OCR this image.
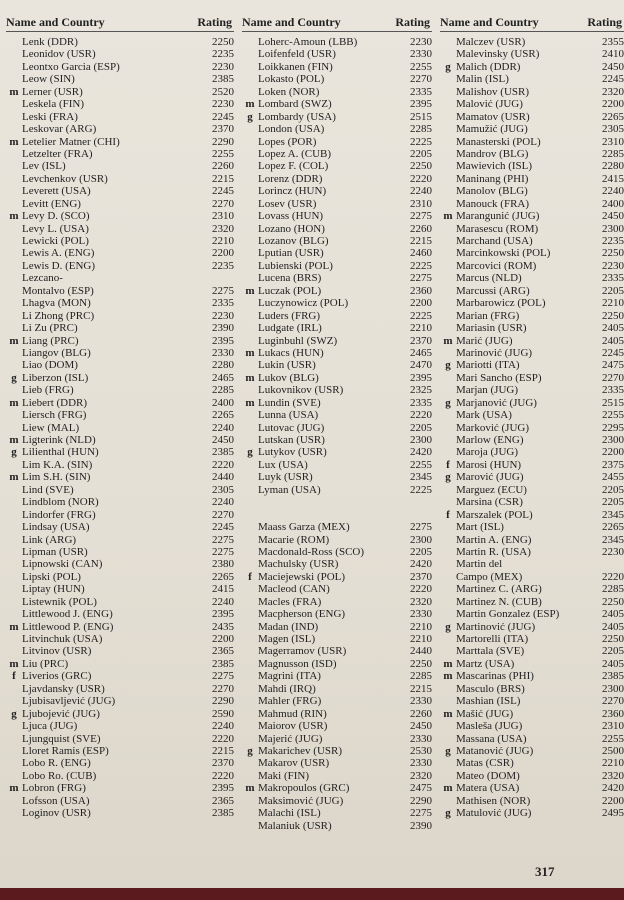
Name and Country	Rating
Lenk (DDR)	2250
Leonidov (USR)	2235
Leontxo Garcia (ESP)	2230
Leow (SIN)	2385
m Lerner (USR)	2520
Leskela (FIN)	2230
Leski (FRA)	2245
Leskovar (ARG)	2370
m Letelier Matner (CHI)	2290
Letzelter (FRA)	2255
Lev (ISL)	2260
Levchenkov (USR)	2215
Leverett (USA)	2245
Levitt (ENG)	2270
m Levy D. (SCO)	2310
Levy L. (USA)	2320
Lewicki (POL)	2210
Lewis A. (ENG)	2200
Lewis D. (ENG)	2235
Lezcano-
Montalvo (ESP)	2275
Lhagva (MON)	2335
Li Zhong (PRC)	2230
Li Zu (PRC)	2390
m Liang (PRC)	2395
Liangov (BLG)	2330
Liao (DOM)	2280
g Liberzon (ISL)	2465
Lieb (FRG)	2285
m Liebert (DDR)	2400
Liersch (FRG)	2265
Liew (MAL)	2240
m Ligterink (NLD)	2450
g Lilienthal (HUN)	2385
Lim K.A. (SIN)	2220
m Lim S.H. (SIN)	2440
Lind (SVE)	2305
Lindblom (NOR)	2240
Lindorfer (FRG)	2270
Lindsay (USA)	2245
Link (ARG)	2275
Lipman (USR)	2275
Lipnowski (CAN)	2380
Lipski (POL)	2265
Liptay (HUN)	2415
Listewnik (POL)	2240
Littlewood J. (ENG)	2395
m Littlewood P. (ENG)	2435
Litvinchuk (USA)	2200
Litvinov (USR)	2365
m Liu (PRC)	2385
f Liverios (GRC)	2275
Ljavdansky (USR)	2270
Ljubisavljević (JUG)	2290
g Ljubojević (JUG)	2590
Ljuca (JUG)	2240
Ljungquist (SVE)	2220
Lloret Ramis (ESP)	2215
Lobo R. (ENG)	2370
Lobo Ro. (CUB)	2220
m Lobron (FRG)	2395
Lofsson (USA)	2365
Loginov (USR)	2385
Name and Country	Rating
Loherc-Amoun (LBB)	2230
Loifenfeld (USR)	2330
Loikkanen (FIN)	2255
Lokasto (POL)	2270
Loken (NOR)	2335
m Lombard (SWZ)	2395
g Lombardy (USA)	2515
London (USA)	2285
Lopes (POR)	2225
Lopez A. (CUB)	2205
Lopez F. (COL)	2250
Lorenz (DDR)	2220
Lorincz (HUN)	2240
Losev (USR)	2310
Lovass (HUN)	2275
Lozano (HON)	2260
Lozanov (BLG)	2215
Lputian (USR)	2460
Lubienski (POL)	2225
Lucena (BRS)	2275
m Luczak (POL)	2360
Luczynowicz (POL)	2200
Luders (FRG)	2225
Ludgate (IRL)	2210
Luginbuhl (SWZ)	2370
m Lukacs (HUN)	2465
Lukin (USR)	2470
m Lukov (BLG)	2395
Lukovnikov (USR)	2325
m Lundin (SVE)	2335
Lunna (USA)	2220
Lutovac (JUG)	2205
Lutskan (USR)	2300
g Lutykov (USR)	2420
Lux (USA)	2255
Luyk (USR)	2345
Lyman (USA)	2225
Maass Garza (MEX)	2275
Macarie (ROM)	2300
Macdonald-Ross (SCO)	2205
Machulsky (USR)	2420
f Maciejewski (POL)	2370
Macleod (CAN)	2220
Macles (FRA)	2320
Macpherson (ENG)	2330
Madan (IND)	2210
Magen (ISL)	2210
Magerramov (USR)	2440
Magnusson (ISD)	2250
Magrini (ITA)	2285
Mahdi (IRQ)	2215
Mahler (FRG)	2330
Mahmud (RIN)	2260
Maiorov (USR)	2450
Majerić (JUG)	2330
g Makarichev (USR)	2530
Makarov (USR)	2330
Maki (FIN)	2320
m Makropoulos (GRC)	2475
Maksimović (JUG)	2290
Malachi (ISL)	2275
Malaniuk (USR)	2390
Name and Country	Rating
Malczev (USR)	2355
Malevinsky (USR)	2410
g Malich (DDR)	2450
Malin (ISL)	2245
Malishov (USR)	2320
Malović (JUG)	2200
Mamatov (USR)	2265
Mamužić (JUG)	2305
Manasterski (POL)	2310
Mandrov (BLG)	2285
Mawievich (ISL)	2280
Maninang (PHI)	2415
Manolov (BLG)	2240
Manouck (FRA)	2400
m Marangunić (JUG)	2450
Marasescu (ROM)	2300
Marchand (USA)	2235
Marcinkowski (POL)	2250
Marcovici (ROM)	2230
Marcus (NLD)	2335
Marcussi (ARG)	2205
Marbarowicz (POL)	2210
Marian (FRG)	2250
Mariasin (USR)	2405
m Marić (JUG)	2405
Marinović (JUG)	2245
g Mariotti (ITA)	2475
Mari Sancho (ESP)	2270
Marjan (JUG)	2335
g Marjanović (JUG)	2515
Mark (USA)	2255
Marković (JUG)	2295
Marlow (ENG)	2300
Maroja (JUG)	2200
f Marosi (HUN)	2375
g Marović (JUG)	2455
Marguez (ECU)	2205
Marsina (CSR)	2205
f Marszalek (POL)	2345
Mart (ISL)	2265
Martin A. (ENG)	2345
Martin R. (USA)	2230
Martin del
Campo (MEX)	2220
Martinez C. (ARG)	2285
Martinez N. (CUB)	2250
Martin Gonzalez (ESP)	2405
g Martinović (JUG)	2405
Martorelli (ITA)	2250
Marttala (SVE)	2205
m Martz (USA)	2405
m Mascarinas (PHI)	2385
Masculo (BRS)	2300
Mashian (ISL)	2270
m Mašić (JUG)	2360
Masleša (JUG)	2310
Massana (USA)	2255
g Matanović (JUG)	2500
Matas (CSR)	2210
Mateo (DOM)	2320
m Matera (USA)	2420
Mathisen (NOR)	2200
g Matulović (JUG)	2495
317
